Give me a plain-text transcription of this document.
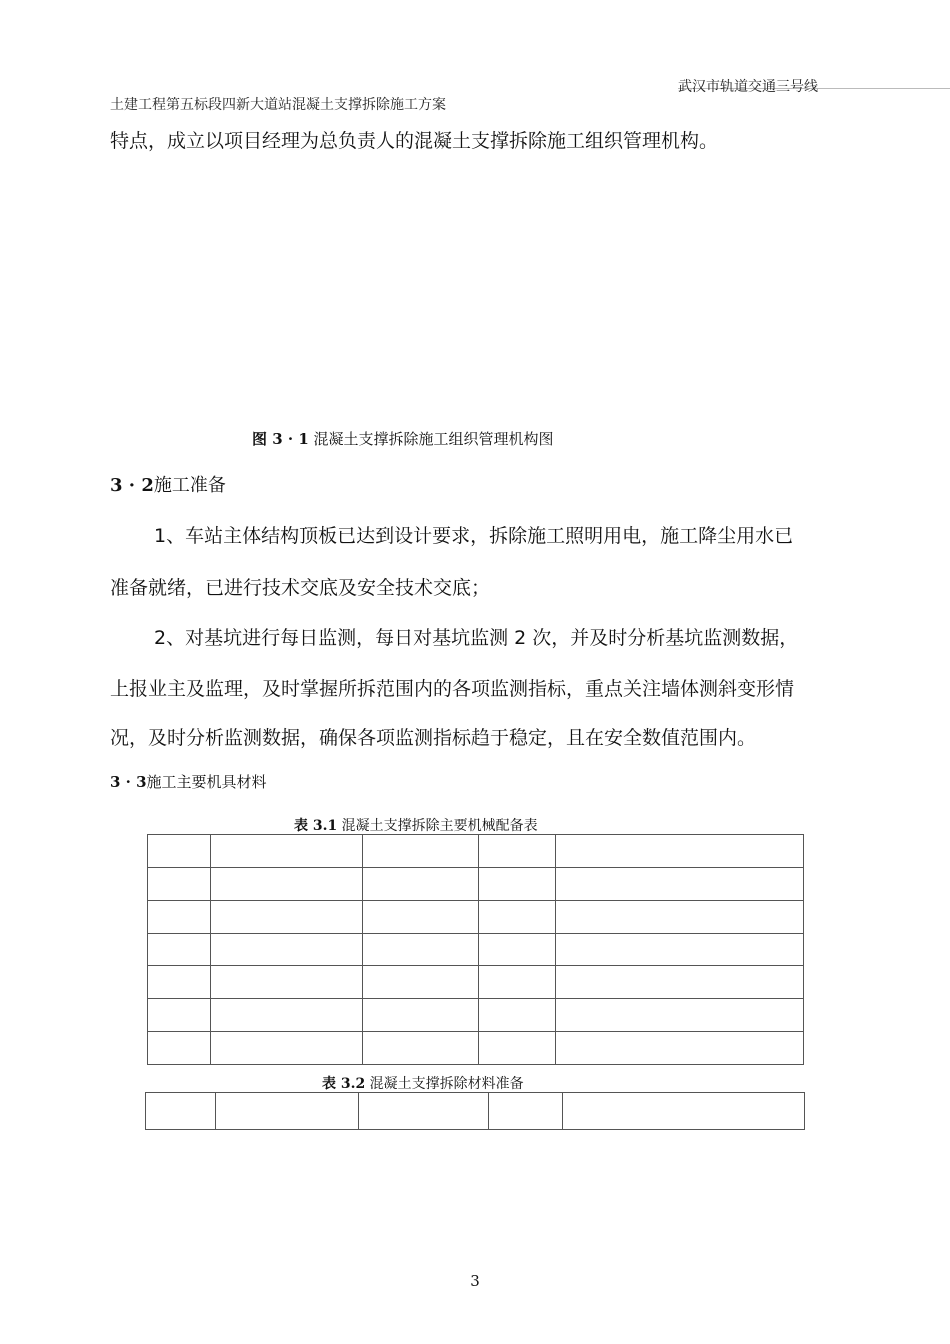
土建工程第五标段四新大道站混凝土支撑拆除施工方案
武汉市轨道交通三号线
特点，成立以项目经理为总负责人的混凝土支撑拆除施工组织管理机构。
图 3 · 1 混凝土支撑拆除施工组织管理机构图
3 · 2施工准备
1、车站主体结构顶板已达到设计要求，拆除施工照明用电，施工降尘用水已
准备就绪，已进行技术交底及安全技术交底；
2、对基坑进行每日监测，每日对基坑监测 2 次，并及时分析基坑监测数据，
上报业主及监理，及时掌握所拆范围内的各项监测指标，重点关注墙体测斜变形情
况，及时分析监测数据，确保各项监测指标趋于稳定，且在安全数值范围内。
3 · 3施工主要机具材料
表 3.1 混凝土支撑拆除主要机械配备表

表 3.2 混凝土支撑拆除材料准备

3
